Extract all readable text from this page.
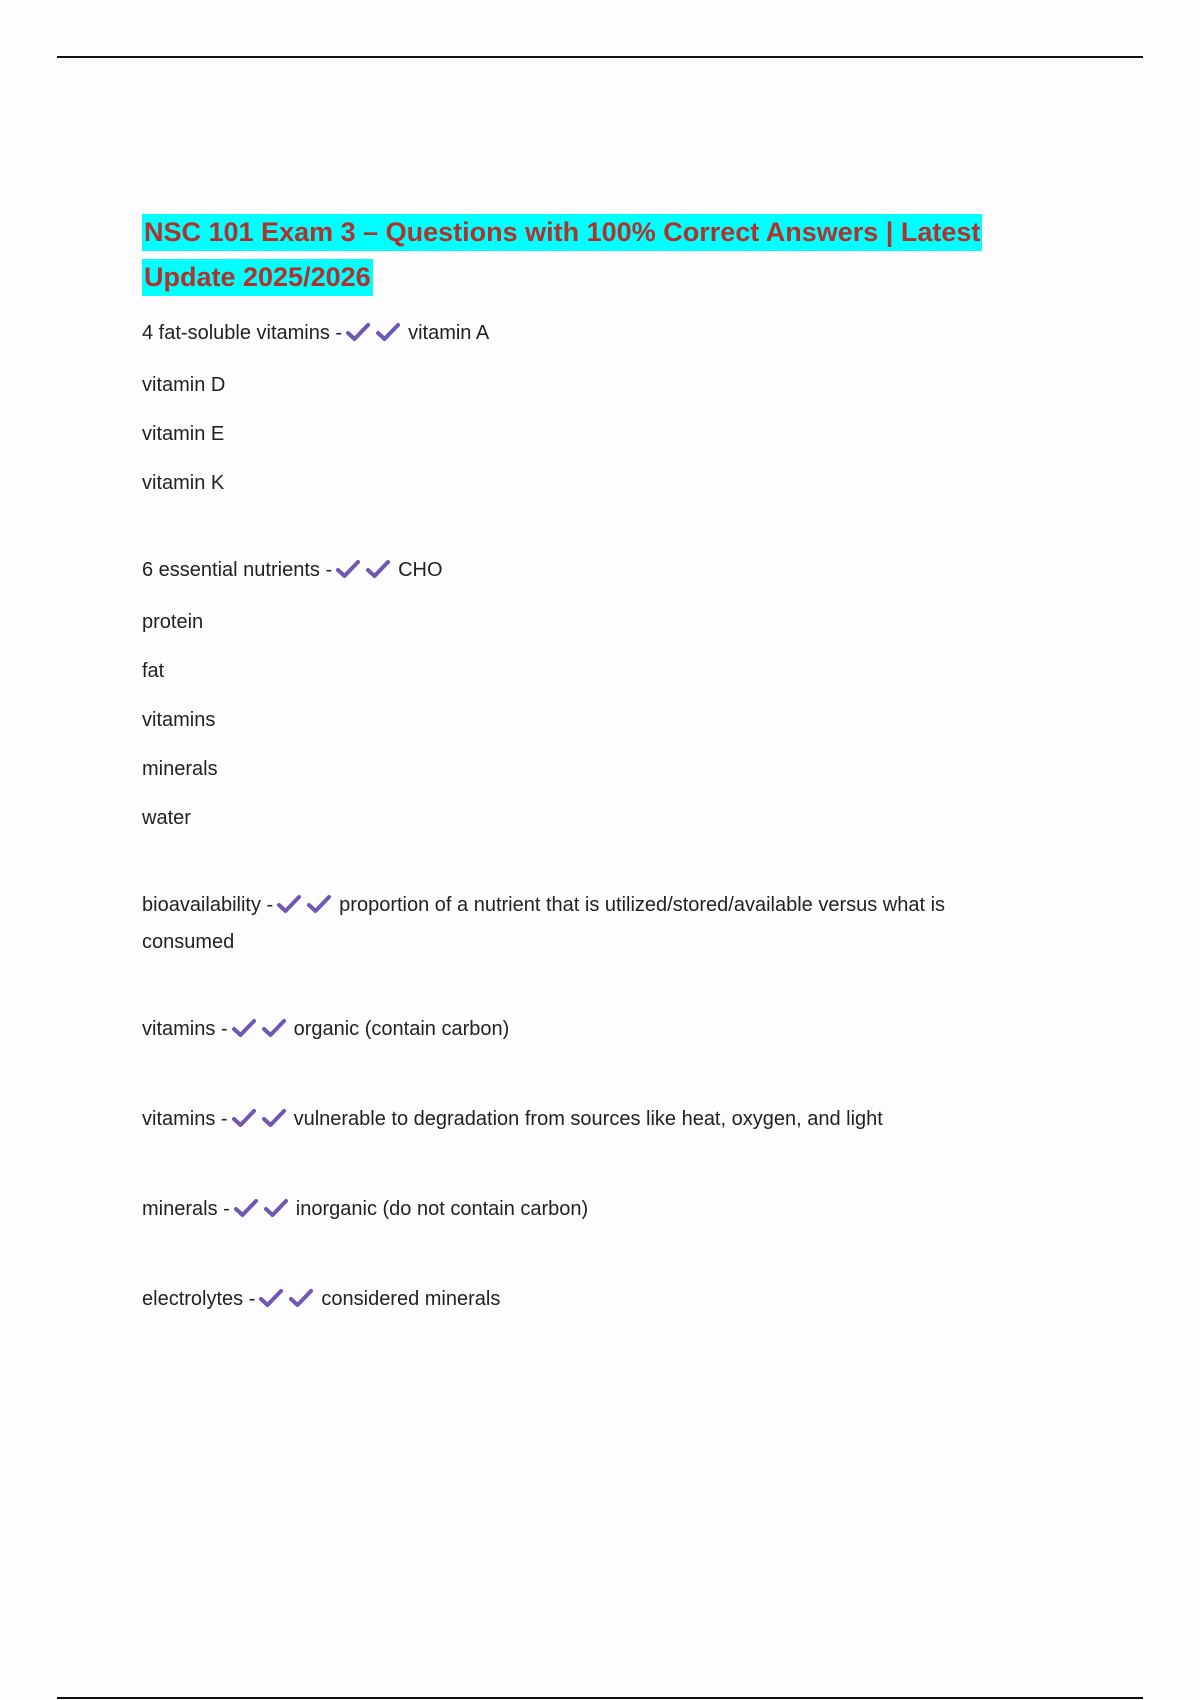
NSC 101 Exam 3 – Questions with 100% Correct Answers | Latest Update 2025/2026

4 fat-soluble vitamins -	vitamin A

vitamin D

vitamin E

vitamin K

6 essential nutrients -	CHO

protein

fat

vitamins

minerals

water

bioavailability -	proportion of a nutrient that is utilized/stored/available versus what is consumed

vitamins -	organic (contain carbon)

vitamins -	vulnerable to degradation from sources like heat, oxygen, and light

minerals -	inorganic (do not contain carbon)

electrolytes -	considered minerals
